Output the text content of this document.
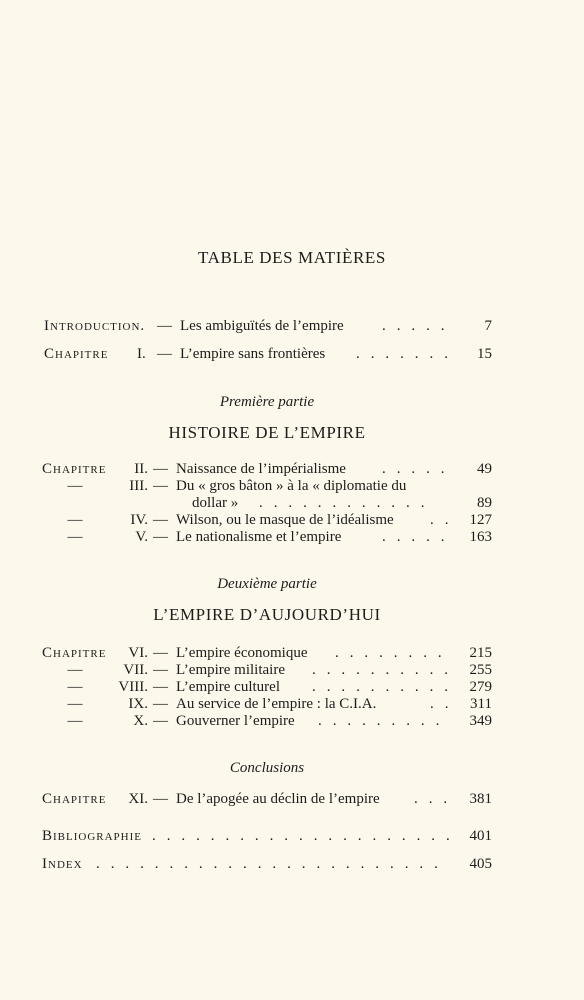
TABLE DES MATIÈRES
Introduction. — Les ambiguïtés de l’empire	. . . . . 7
Chapitre I. — L’empire sans frontières . . . . . . . 15
Première partie
HISTOIRE DE L’EMPIRE
Chapitre	II. — Naissance de l’impérialisme . . . . . 49
—	III. — Du « gros bâton » à la « diplomatie du
dollar » . . . . . . . . . . . .	89
—	IV. — Wilson, ou le masque de l’idéalisme . . 127
—	V. — Le nationalisme et l’empire	. . . . . 163
Deuxième partie
L’EMPIRE D’AUJOURD’HUI
Chapitre	VI. — L’empire économique . . . . . . . . 215
—	VII. — L’empire militaire . . . . . . . . . . 255
—	VIII. — L’empire culturel . . . . . . . . . . 279
—	IX. — Au service de l’empire : la C.I.A.	. . 311
—	X. — Gouverner l’empire . . . . . . . . . 349
Conclusions
Chapitre	XI. — De l’apogée au déclin de l’empire . . . 381
Bibliographie . . . . . . . . . . . . . . . . . . . . . 401
Index . . . . . . . . . . . . . . . . . . . . . . . . 405
